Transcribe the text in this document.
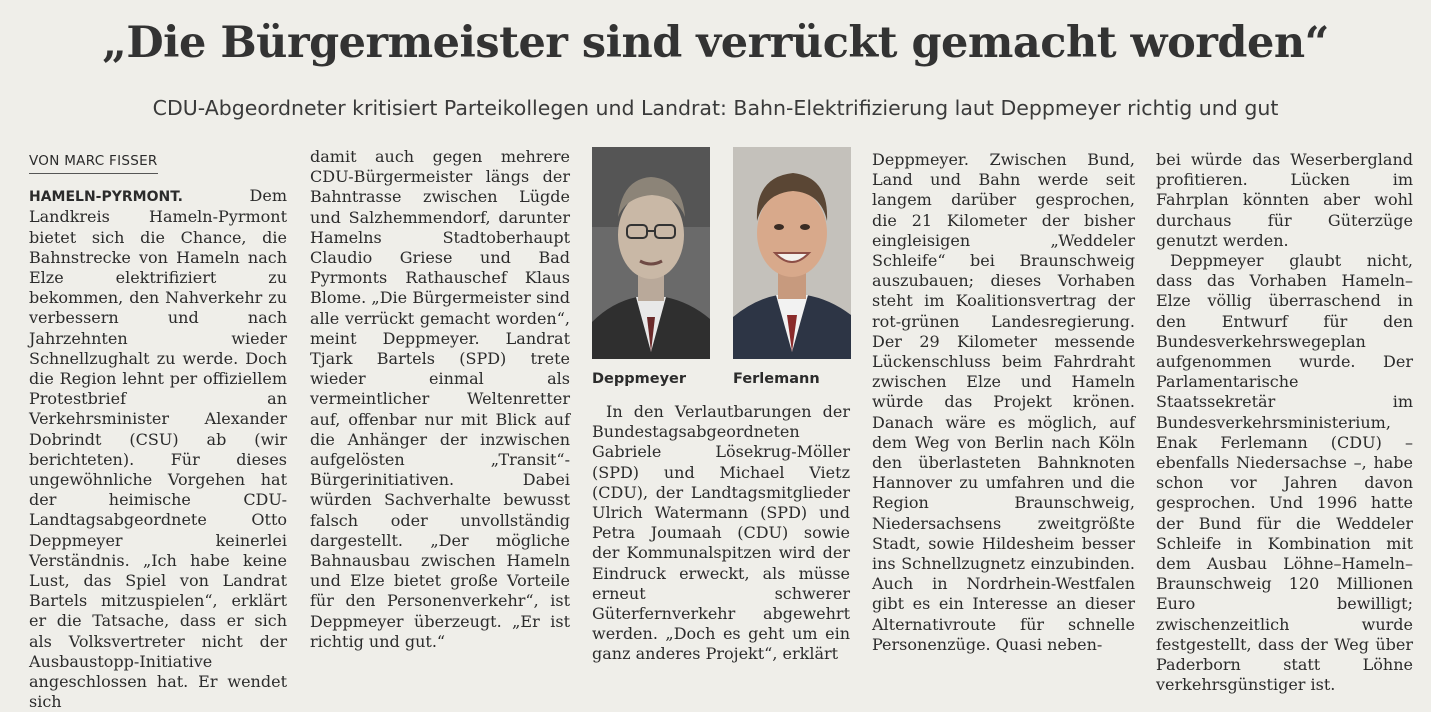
„Die Bürgermeister sind verrückt gemacht worden“
CDU-Abgeordneter kritisiert Parteikollegen und Landrat: Bahn-Elektrifizierung laut Deppmeyer richtig und gut
VON MARC FISSER

HAMELN-PYRMONT. Dem Landkreis Hameln-Pyrmont bietet sich die Chance, die Bahnstrecke von Hameln nach Elze elektrifiziert zu bekommen, den Nahverkehr zu verbessern und nach Jahrzehnten wieder Schnellzughalt zu werde. Doch die Region lehnt per offiziellem Protestbrief an Verkehrsminister Alexander Dobrindt (CSU) ab (wir berichteten). Für dieses ungewöhnliche Vorgehen hat der heimische CDU-Landtagsabgeordnete Otto Deppmeyer keinerlei Verständnis. „Ich habe keine Lust, das Spiel von Landrat Bartels mitzuspielen“, erklärt er die Tatsache, dass er sich als Volksvertreter nicht der Ausbaustopp-Initiative angeschlossen hat. Er wendet sich

damit auch gegen mehrere CDU-Bürgermeister längs der Bahntrasse zwischen Lügde und Salzhemmendorf, darunter Hamelns Stadtoberhaupt Claudio Griese und Bad Pyrmonts Rathauschef Klaus Blome. „Die Bürgermeister sind alle verrückt gemacht worden“, meint Deppmeyer. Landrat Tjark Bartels (SPD) trete wieder einmal als vermeintlicher Weltenretter auf, offenbar nur mit Blick auf die Anhänger der inzwischen aufgelösten „Transit“-Bürgerinitiativen. Dabei würden Sachverhalte bewusst falsch oder unvollständig dargestellt. „Der mögliche Bahnausbau zwischen Hameln und Elze bietet große Vorteile für den Personenverkehr“, ist Deppmeyer überzeugt. „Er ist richtig und gut.“

Deppmeyer	Ferlemann

In den Verlautbarungen der Bundestagsabgeordneten Gabriele Lösekrug-Möller (SPD) und Michael Vietz (CDU), der Landtagsmitglieder Ulrich Watermann (SPD) und Petra Joumaah (CDU) sowie der Kommunalspitzen wird der Eindruck erweckt, als müsse erneut schwerer Güterfernverkehr abgewehrt werden. „Doch es geht um ein ganz anderes Projekt“, erklärt

Deppmeyer. Zwischen Bund, Land und Bahn werde seit langem darüber gesprochen, die 21 Kilometer der bisher eingleisigen „Weddeler Schleife“ bei Braunschweig auszubauen; dieses Vorhaben steht im Koalitionsvertrag der rot-grünen Landesregierung. Der 29 Kilometer messende Lückenschluss beim Fahrdraht zwischen Elze und Hameln würde das Projekt krönen. Danach wäre es möglich, auf dem Weg von Berlin nach Köln den überlasteten Bahnknoten Hannover zu umfahren und die Region Braunschweig, Niedersachsens zweitgrößte Stadt, sowie Hildesheim besser ins Schnellzugnetz einzubinden. Auch in Nordrhein-Westfalen gibt es ein Interesse an dieser Alternativroute für schnelle Personenzüge. Quasi neben-

bei würde das Weserbergland profitieren. Lücken im Fahrplan könnten aber wohl durchaus für Güterzüge genutzt werden.

Deppmeyer glaubt nicht, dass das Vorhaben Hameln–Elze völlig überraschend in den Entwurf für den Bundesverkehrswegeplan aufgenommen wurde. Der Parlamentarische Staatssekretär im Bundesverkehrsministerium, Enak Ferlemann (CDU) – ebenfalls Niedersachse –, habe schon vor Jahren davon gesprochen. Und 1996 hatte der Bund für die Weddeler Schleife in Kombination mit dem Ausbau Löhne–Hameln–Braunschweig 120 Millionen Euro bewilligt; zwischenzeitlich wurde festgestellt, dass der Weg über Paderborn statt Löhne verkehrsgünstiger ist.
